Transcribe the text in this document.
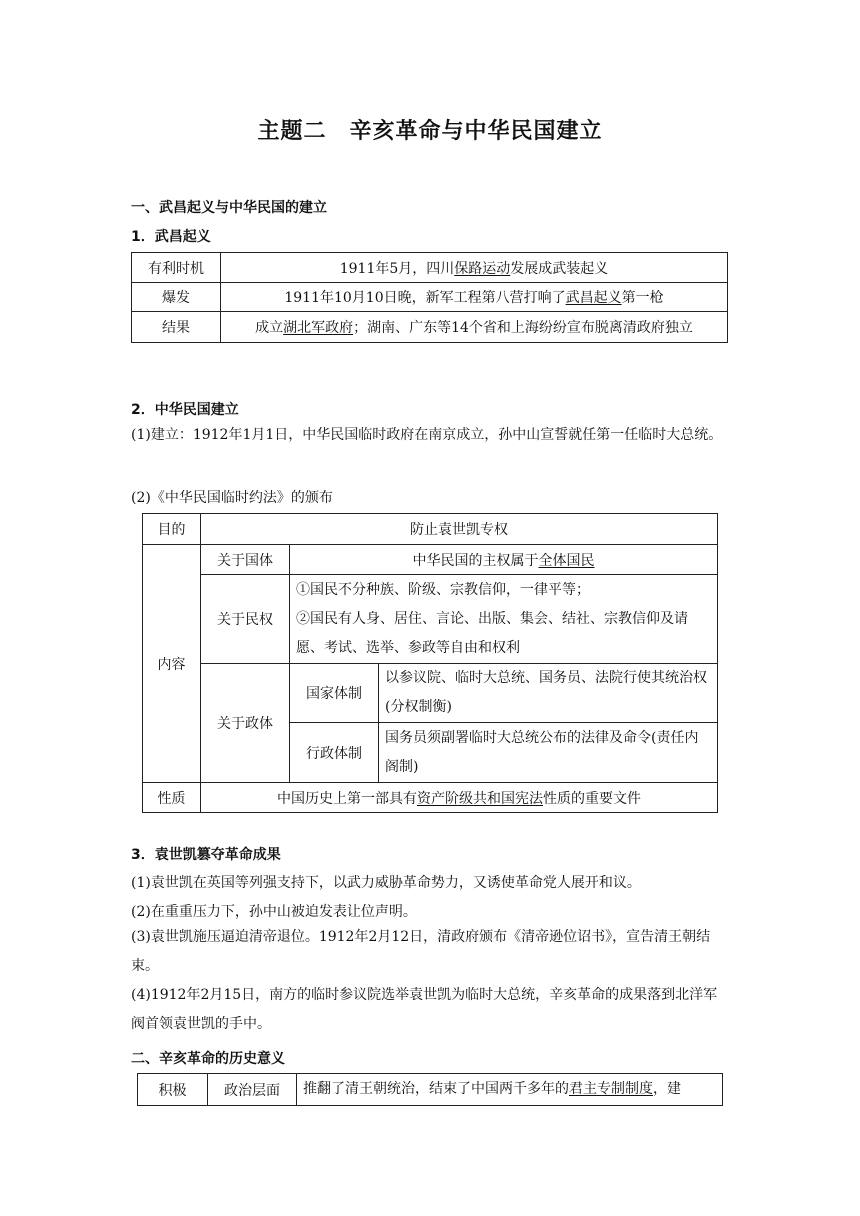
主题二　辛亥革命与中华民国建立
一、武昌起义与中华民国的建立
1．武昌起义
有利时机	1911年5月，四川保路运动发展成武装起义
爆发	1911年10月10日晚，新军工程第八营打响了武昌起义第一枪
结果	成立湖北军政府；湖南、广东等14个省和上海纷纷宣布脱离清政府独立
2．中华民国建立
(1)建立：1912年1月1日，中华民国临时政府在南京成立，孙中山宣誓就任第一任临时大总统。
(2)《中华民国临时约法》的颁布
目的	防止袁世凯专权		
内容	关于国体	中华民国的主权属于全体国民	
	关于民权	①国民不分种族、阶级、宗教信仰，一律平等；
②国民有人身、居住、言论、出版、集会、结社、宗教信仰及请愿、考试、选举、参政等自由和权利	

	关于政体	国家体制	以参议院、临时大总统、国务员、法院行使其统治权(分权制衡)
		行政体制	国务员须副署临时大总统公布的法律及命令(责任内阁制)

性质	中国历史上第一部具有资产阶级共和国宪法性质的重要文件		
3．袁世凯篡夺革命成果
(1)袁世凯在英国等列强支持下，以武力威胁革命势力，又诱使革命党人展开和议。
(2)在重重压力下，孙中山被迫发表让位声明。
(3)袁世凯施压逼迫清帝退位。1912年2月12日，清政府颁布《清帝逊位诏书》，宣告清王朝结束。
(4)1912年2月15日，南方的临时参议院选举袁世凯为临时大总统，辛亥革命的成果落到北洋军阀首领袁世凯的手中。
二、辛亥革命的历史意义
积极	政治层面	推翻了清王朝统治，结束了中国两千多年的君主专制制度，建
